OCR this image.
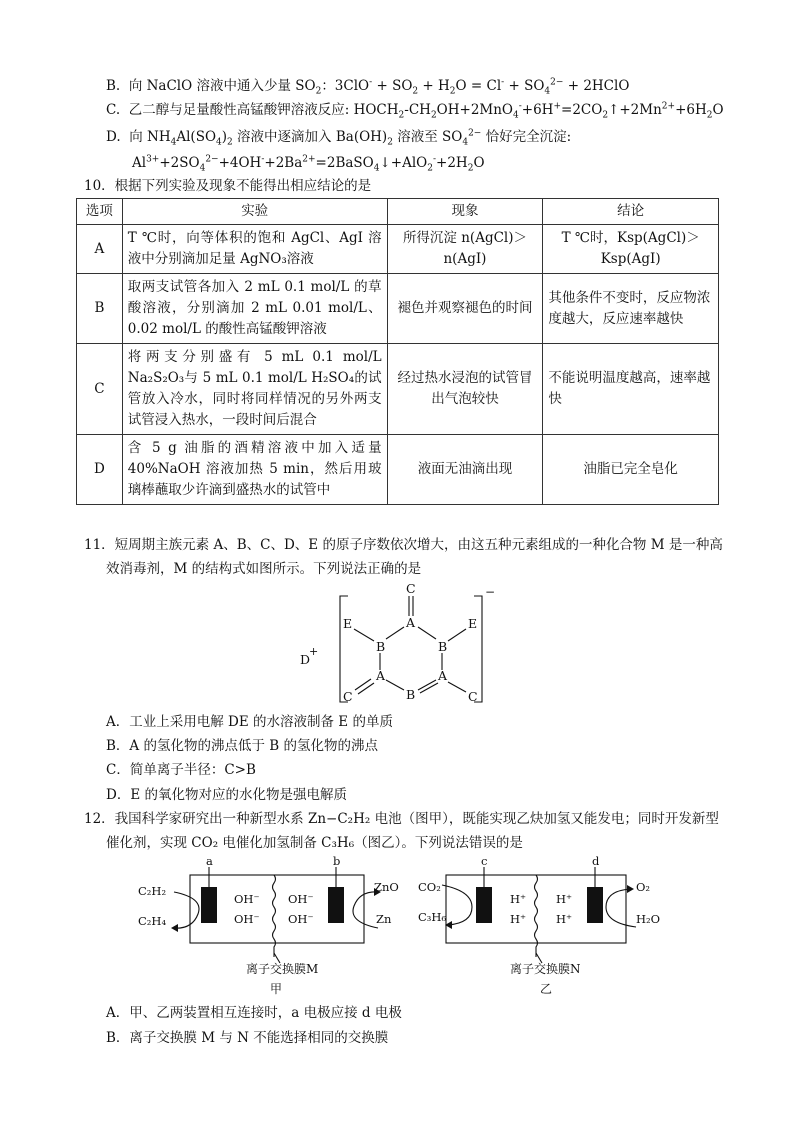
B. 向 NaClO 溶液中通入少量 $SO_2$：$3ClO^- + SO_2 + H_2O = Cl^- + SO_4^{2-}$ + 2HClO
C. 乙二醇与足量酸性高锰酸钾溶液反应: $HOCH_2-CH_2OH+2MnO_4^-+6H^+=2CO_2↑+2Mn^{2+}+6H_2O$
D. 向 $NH_4Al(SO_4)_2$ 溶液中逐滴加入 $Ba(OH)_2$ 溶液至 $SO_4^{2-}$ 恰好完全沉淀:
$Al^{3+}+2SO_4^{2-}+4OH^-+2Ba^{2+}=2BaSO_4↓+AlO_2^-+2H_2O$
10．根据下列实验及现象不能得出相应结论的是
选项	实验	现象	结论
A	T ℃时，向等体积的饱和 AgCl、AgI 溶液中分别滴加足量 AgNO₃溶液	所得沉淀 n(AgCl)＞n(AgI)	T ℃时，Ksp(AgCl)＞Ksp(AgI)
B	取两支试管各加入 2 mL 0.1 mol/L 的草酸溶液，分别滴加 2 mL 0.01 mol/L、0.02 mol/L 的酸性高锰酸钾溶液	褪色并观察褪色的时间	其他条件不变时，反应物浓度越大，反应速率越快
C	将两支分别盛有 5 mL 0.1 mol/L Na₂S₂O₃与 5 mL 0.1 mol/L H₂SO₄的试管放入冷水，同时将同样情况的另外两支试管浸入热水，一段时间后混合	经过热水浸泡的试管冒出气泡较快	不能说明温度越高，速率越快
D	含 5 g 油脂的酒精溶液中加入适量 40%NaOH 溶液加热 5 min，然后用玻璃棒蘸取少许滴到盛热水的试管中	液面无油滴出现	油脂已完全皂化
11．短周期主族元素 A、B、C、D、E 的原子序数依次增大，由这五种元素组成的一种化合物 M 是一种高
效消毒剂，M 的结构式如图所示。下列说法正确的是
C
A
E	E
B	B
A	A
B
C	C
D
+
−
A．工业上采用电解 DE 的水溶液制备 E 的单质
B．A 的氢化物的沸点低于 B 的氢化物的沸点
C．简单离子半径：C>B
D．E 的氧化物对应的水化物是强电解质
12．我国科学家研究出一种新型水系 Zn−C₂H₂ 电池（图甲），既能实现乙炔加氢又能发电；同时开发新型
催化剂，实现 CO₂ 电催化加氢制备 C₃H₆（图乙）。下列说法错误的是
a	b
C₂H₂
C₂H₄
OH⁻
OH⁻
OH⁻
OH⁻
ZnO
Zn
离子交换膜M
甲
c	d
CO₂
C₃H₆
H⁺
H⁺
H⁺
H⁺
O₂
H₂O
离子交换膜N
乙
A．甲、乙两装置相互连接时，a 电极应接 d 电极
B．离子交换膜 M 与 N 不能选择相同的交换膜
